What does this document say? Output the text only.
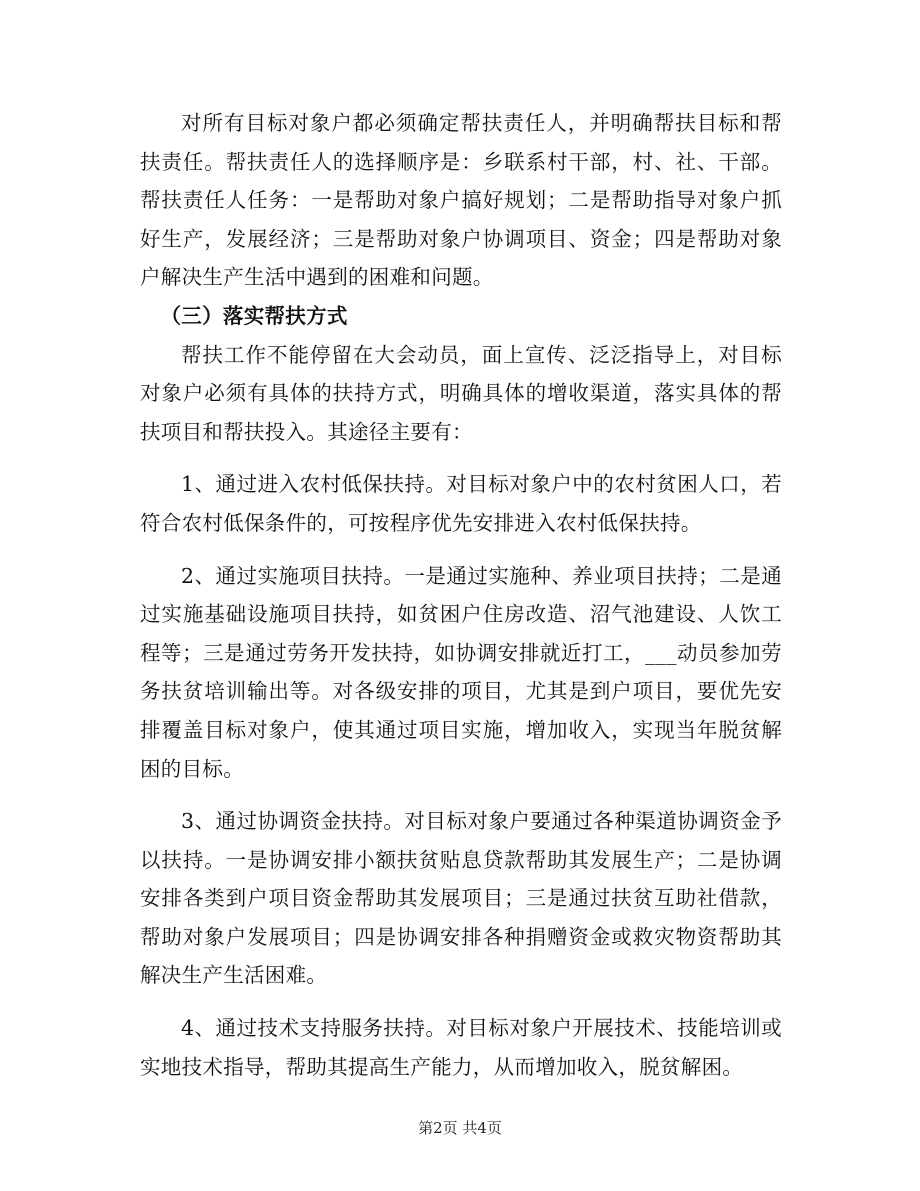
对所有目标对象户都必须确定帮扶责任人，并明确帮扶目标和帮扶责任。帮扶责任人的选择顺序是：乡联系村干部，村、社、干部。帮扶责任人任务：一是帮助对象户搞好规划；二是帮助指导对象户抓好生产，发展经济；三是帮助对象户协调项目、资金；四是帮助对象户解决生产生活中遇到的困难和问题。

（三）落实帮扶方式

帮扶工作不能停留在大会动员，面上宣传、泛泛指导上，对目标对象户必须有具体的扶持方式，明确具体的增收渠道，落实具体的帮扶项目和帮扶投入。其途径主要有：

1、通过进入农村低保扶持。对目标对象户中的农村贫困人口，若符合农村低保条件的，可按程序优先安排进入农村低保扶持。

2、通过实施项目扶持。一是通过实施种、养业项目扶持；二是通过实施基础设施项目扶持，如贫困户住房改造、沼气池建设、人饮工程等；三是通过劳务开发扶持，如协调安排就近打工，___动员参加劳务扶贫培训输出等。对各级安排的项目，尤其是到户项目，要优先安排覆盖目标对象户，使其通过项目实施，增加收入，实现当年脱贫解困的目标。

3、通过协调资金扶持。对目标对象户要通过各种渠道协调资金予以扶持。一是协调安排小额扶贫贴息贷款帮助其发展生产；二是协调安排各类到户项目资金帮助其发展项目；三是通过扶贫互助社借款，帮助对象户发展项目；四是协调安排各种捐赠资金或救灾物资帮助其解决生产生活困难。

4、通过技术支持服务扶持。对目标对象户开展技术、技能培训或实地技术指导，帮助其提高生产能力，从而增加收入，脱贫解困。

第2页 共4页
